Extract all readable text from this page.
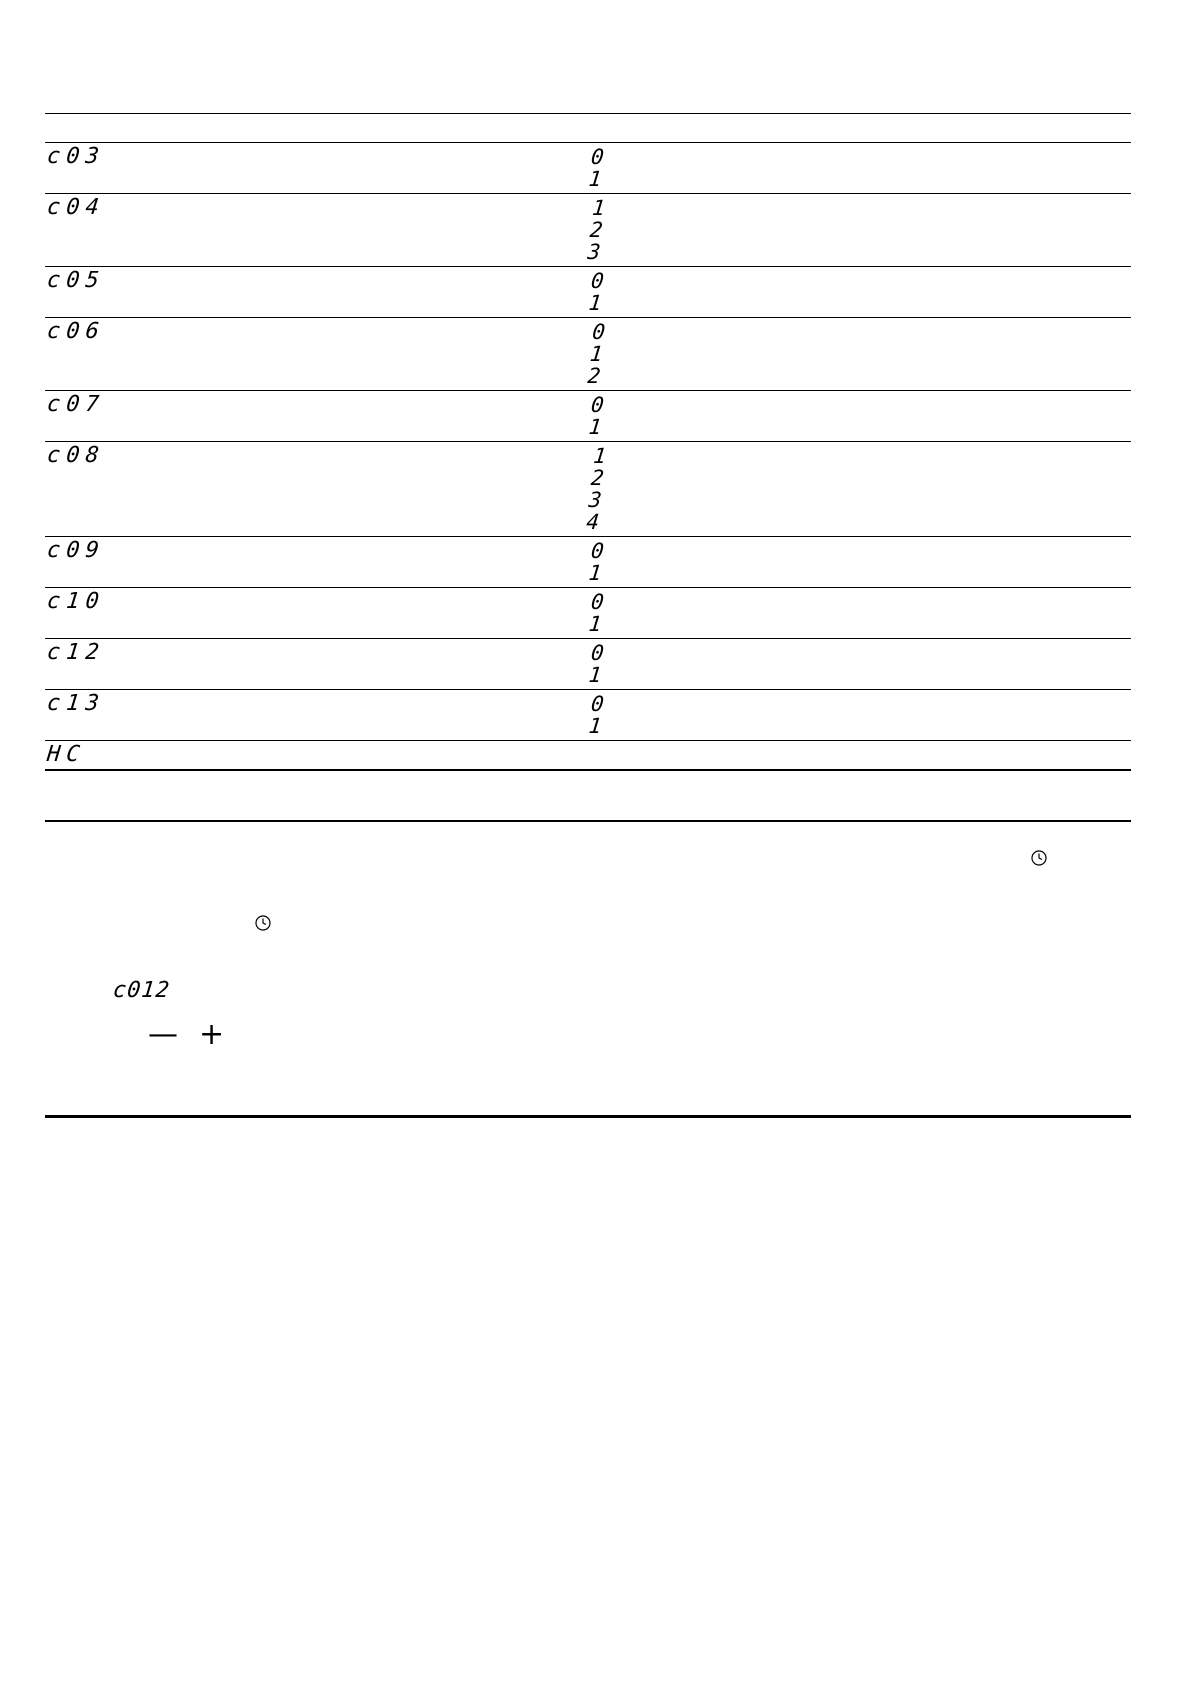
c03	0
1
c04	1
2
3
c05	0
1
c06	0
1
2
c07	0
1
c08	1
2
3
4
c09	0
1
c10	0
1
c12	0
1
c13	0
1
HC
c012
— +
